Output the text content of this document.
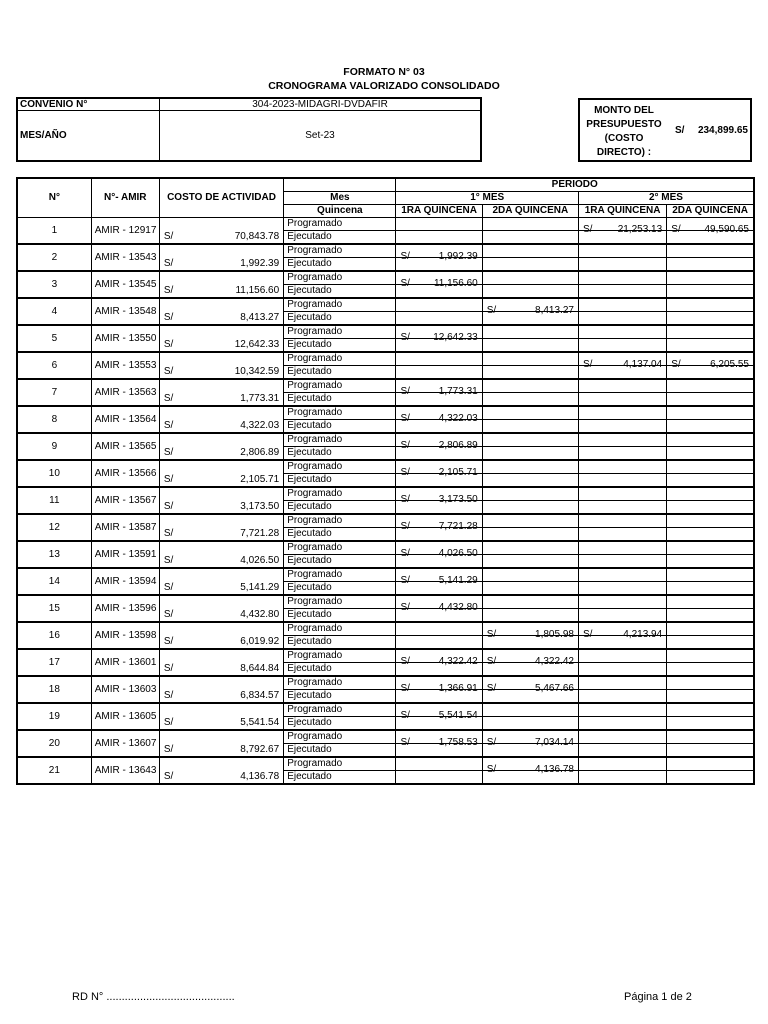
FORMATO N° 03
CRONOGRAMA VALORIZADO CONSOLIDADO
CONVENIO N°	304-2023-MIDAGRI-DVDAFIR
MES/AÑO	Set-23
MONTO DEL
PRESUPUESTO
(COSTO
DIRECTO) :
S/ 234,899.65
N°	N°- AMIR	COSTO DE ACTIVIDAD		PERIODO			
			Mes	1° MES		2° MES	
			Quincena	1RA QUINCENA	2DA QUINCENA	1RA QUINCENA	2DA QUINCENA
1	AMIR - 12917	S/ 70,843.78	Programado			S/ 21,253.13	S/ 49,590.65

			Ejecutado				
2	AMIR - 13543	S/ 1,992.39	Programado	S/ 1,992.39			

			Ejecutado				
3	AMIR - 13545	S/ 11,156.60	Programado	S/ 11,156.60			

			Ejecutado				
4	AMIR - 13548	S/ 8,413.27	Programado		S/ 8,413.27		

			Ejecutado				
5	AMIR - 13550	S/ 12,642.33	Programado	S/ 12,642.33			

			Ejecutado				
6	AMIR - 13553	S/ 10,342.59	Programado			S/ 4,137.04	S/ 6,205.55

			Ejecutado				
7	AMIR - 13563	S/ 1,773.31	Programado	S/ 1,773.31			

			Ejecutado				
8	AMIR - 13564	S/ 4,322.03	Programado	S/ 4,322.03			

			Ejecutado				
9	AMIR - 13565	S/ 2,806.89	Programado	S/ 2,806.89			

			Ejecutado				
10	AMIR - 13566	S/ 2,105.71	Programado	S/ 2,105.71			

			Ejecutado				
11	AMIR - 13567	S/ 3,173.50	Programado	S/ 3,173.50			

			Ejecutado				
12	AMIR - 13587	S/ 7,721.28	Programado	S/ 7,721.28			

			Ejecutado				
13	AMIR - 13591	S/ 4,026.50	Programado	S/ 4,026.50			

			Ejecutado				
14	AMIR - 13594	S/ 5,141.29	Programado	S/ 5,141.29			

			Ejecutado				
15	AMIR - 13596	S/ 4,432.80	Programado	S/ 4,432.80			

			Ejecutado				
16	AMIR - 13598	S/ 6,019.92	Programado		S/ 1,805.98	S/ 4,213.94	

			Ejecutado				
17	AMIR - 13601	S/ 8,644.84	Programado	S/ 4,322.42	S/ 4,322.42		

			Ejecutado				
18	AMIR - 13603	S/ 6,834.57	Programado	S/ 1,366.91	S/ 5,467.66		

			Ejecutado				
19	AMIR - 13605	S/ 5,541.54	Programado	S/ 5,541.54			

			Ejecutado				
20	AMIR - 13607	S/ 8,792.67	Programado	S/ 1,758.53	S/ 7,034.14		

			Ejecutado				
21	AMIR - 13643	S/ 4,136.78	Programado		S/ 4,136.78		

			Ejecutado				
RD N° ..........................................	Página 1 de 2
